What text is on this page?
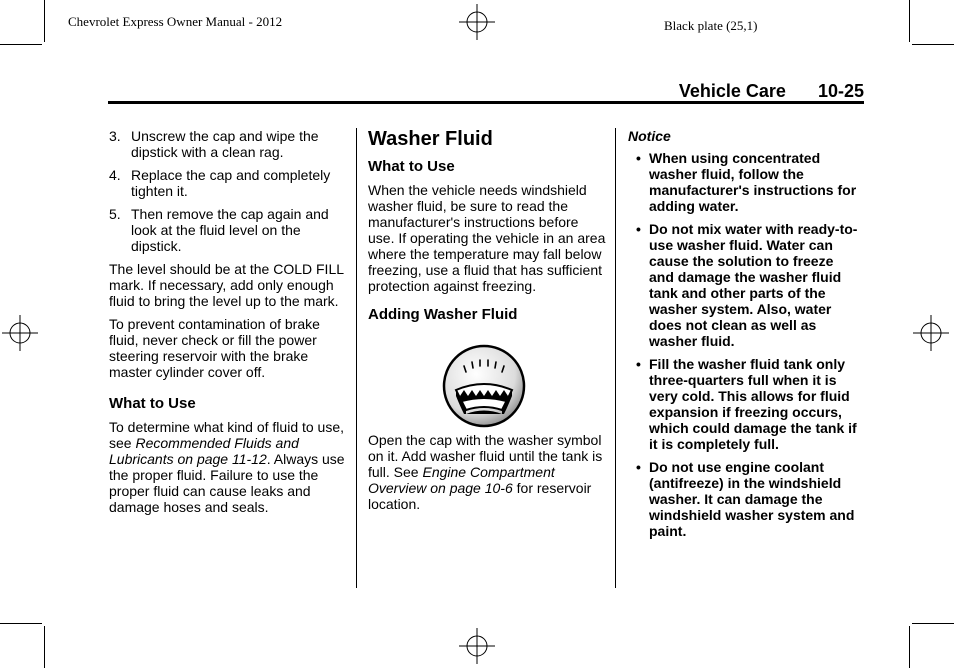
Chevrolet Express Owner Manual - 2012	Black plate (25,1)
Vehicle Care 10-25
3. Unscrew the cap and wipe the dipstick with a clean rag.
4. Replace the cap and completely tighten it.
5. Then remove the cap again and look at the fluid level on the dipstick.

The level should be at the COLD FILL mark. If necessary, add only enough fluid to bring the level up to the mark.

To prevent contamination of brake fluid, never check or fill the power steering reservoir with the brake master cylinder cover off.

What to Use

To determine what kind of fluid to use, see Recommended Fluids and Lubricants on page 11-12. Always use the proper fluid. Failure to use the proper fluid can cause leaks and damage hoses and seals.

Washer Fluid
What to Use

When the vehicle needs windshield washer fluid, be sure to read the manufacturer's instructions before use. If operating the vehicle in an area where the temperature may fall below freezing, use a fluid that has sufficient protection against freezing.

Adding Washer Fluid

Open the cap with the washer symbol on it. Add washer fluid until the tank is full. See Engine Compartment Overview on page 10-6 for reservoir location.

Notice
• When using concentrated washer fluid, follow the manufacturer's instructions for adding water.
• Do not mix water with ready-to-use washer fluid. Water can cause the solution to freeze and damage the washer fluid tank and other parts of the washer system. Also, water does not clean as well as washer fluid.
• Fill the washer fluid tank only three-quarters full when it is very cold. This allows for fluid expansion if freezing occurs, which could damage the tank if it is completely full.
• Do not use engine coolant (antifreeze) in the windshield washer. It can damage the windshield washer system and paint.
